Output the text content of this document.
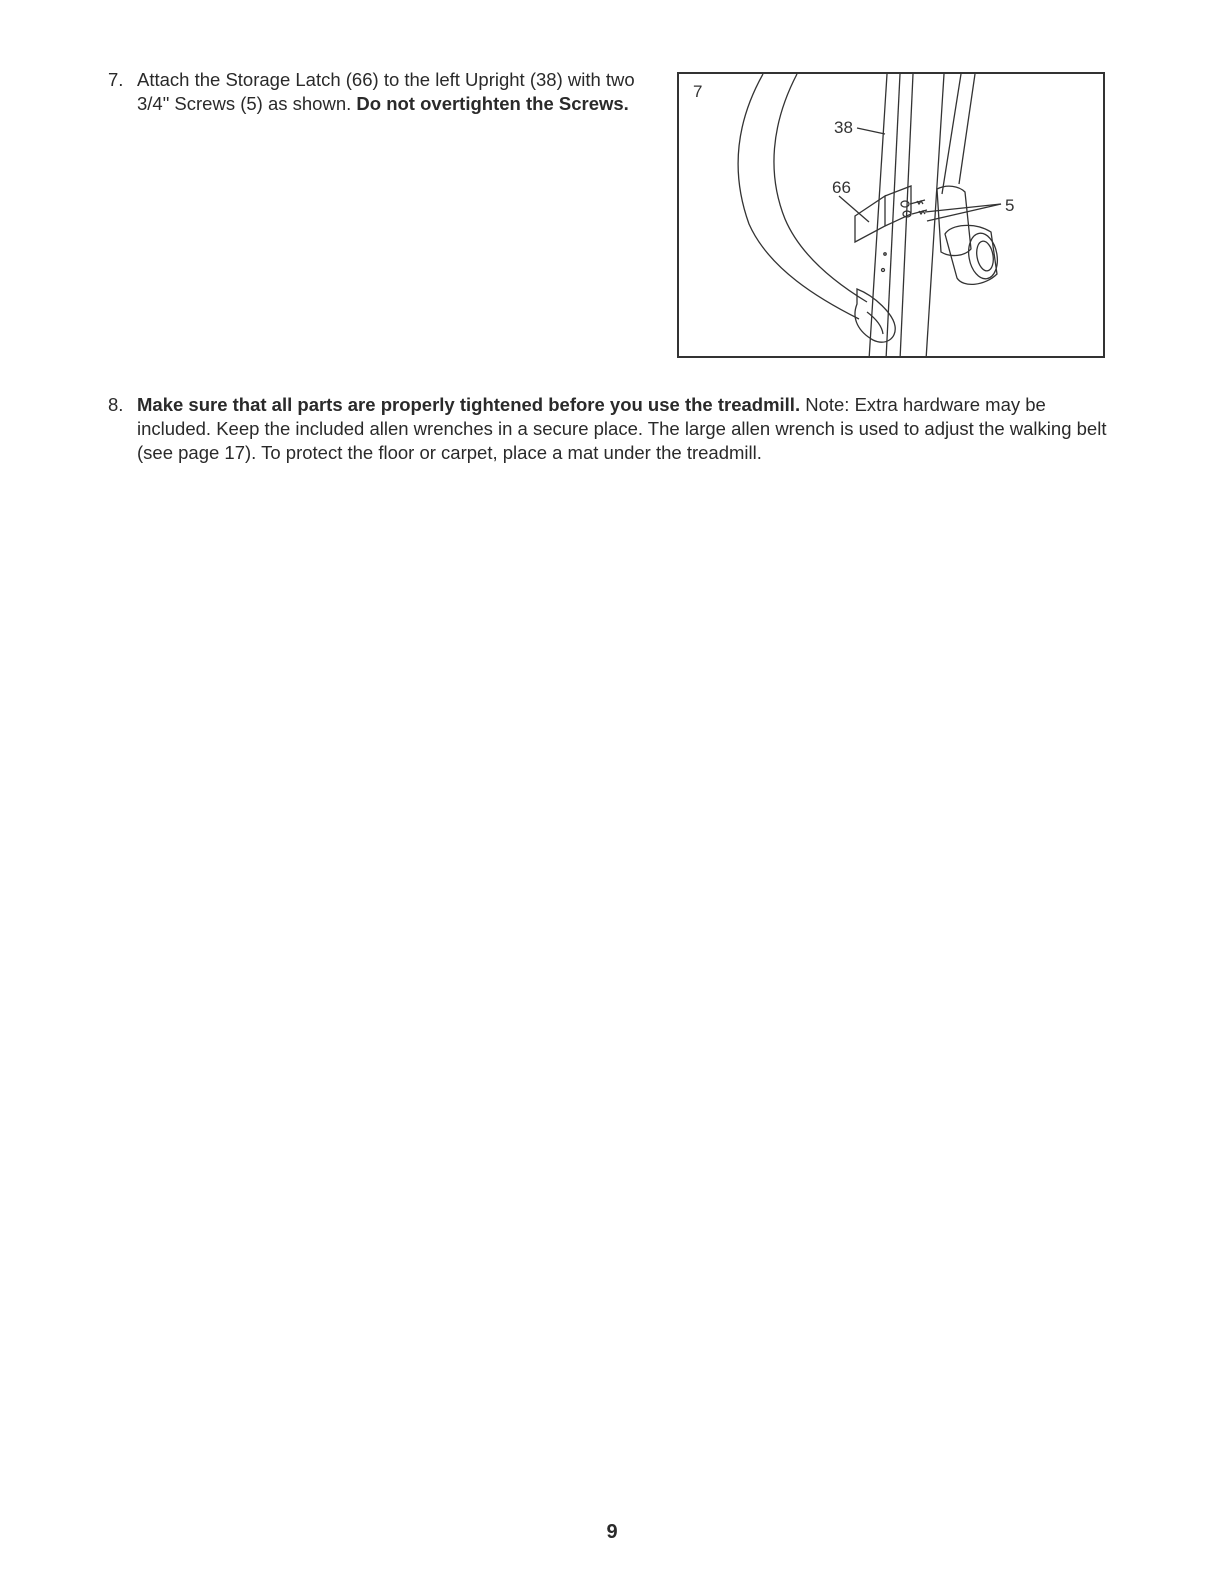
7. Attach the Storage Latch (66) to the left Upright (38) with two 3/4" Screws (5) as shown. Do not overtighten the Screws.
7
38
66
5
8. Make sure that all parts are properly tightened before you use the treadmill. Note: Extra hardware may be included. Keep the included allen wrenches in a secure place. The large allen wrench is used to adjust the walking belt (see page 17). To protect the floor or carpet, place a mat under the treadmill.
9
